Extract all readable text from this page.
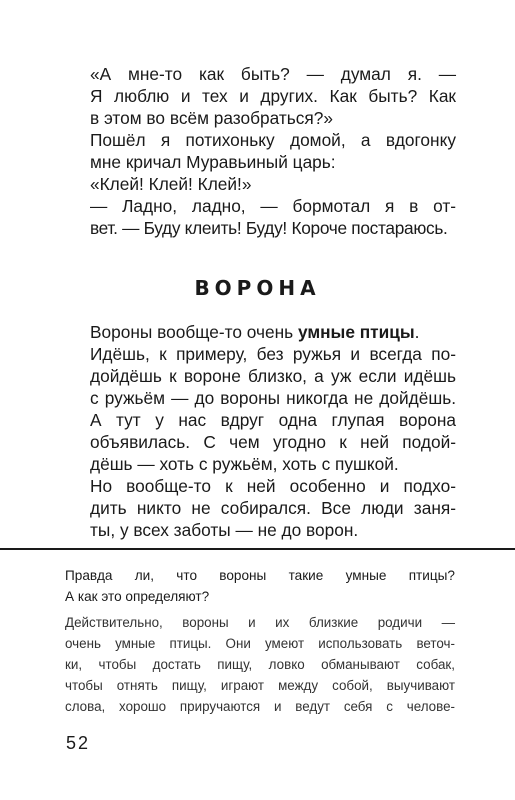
«А мне-то как быть? — думал я. —

Я люблю и тех и других. Как быть? Как

в этом во всём разобраться?»

Пошёл я потихоньку домой, а вдогонку

мне кричал Муравьиный царь:

«Клей! Клей! Клей!»

— Ладно, ладно, — бормотал я в от-

вет. — Буду клеить! Буду! Короче постараюсь.

ВОРОНА

Вороны вообще-то очень умные птицы.

Идёшь, к примеру, без ружья и всегда по-

дойдёшь к вороне близко, а уж если идёшь

с ружьём — до вороны никогда не дойдёшь.

А тут у нас вдруг одна глупая ворона

объявилась. С чем угодно к ней подой-

дёшь — хоть с ружьём, хоть с пушкой.

Но вообще-то к ней особенно и подхо-

дить никто не собирался. Все люди заня-

ты, у всех заботы — не до ворон.

Правда ли, что вороны такие умные птицы?

А как это определяют?

Действительно, вороны и их близкие родичи —

очень умные птицы. Они умеют использовать веточ-

ки, чтобы достать пищу, ловко обманывают собак,

чтобы отнять пищу, играют между собой, выучивают

слова, хорошо приручаются и ведут себя с челове-

52
